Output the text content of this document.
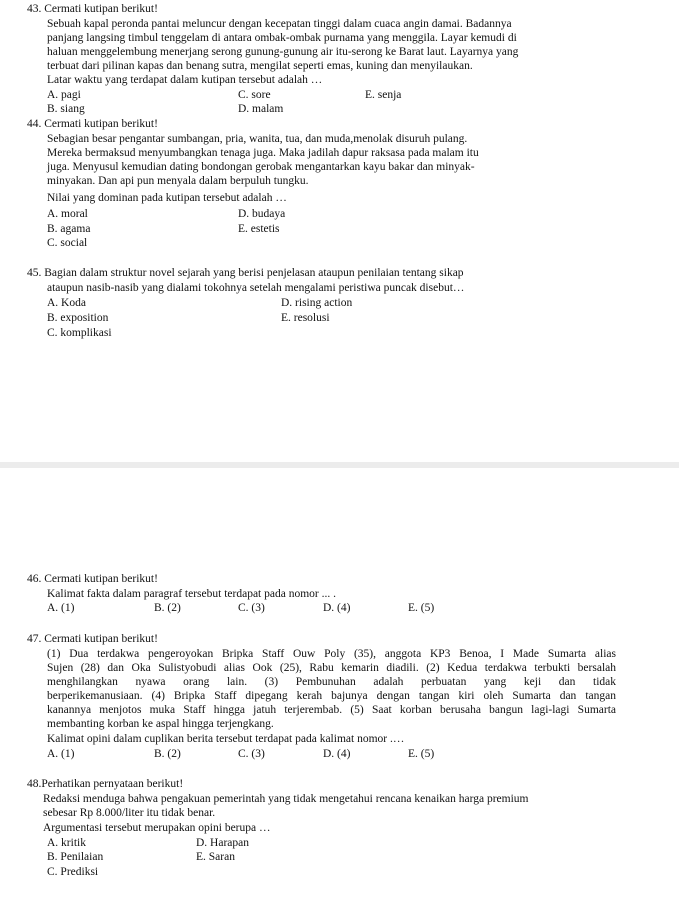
43. Cermati kutipan berikut!
Sebuah kapal peronda pantai meluncur dengan kecepatan tinggi dalam cuaca angin damai. Badannya
panjang langsing timbul tenggelam di antara ombak-ombak purnama yang menggila. Layar kemudi di
haluan menggelembung menerjang serong gunung-gunung air itu-serong ke Barat laut. Layarnya yang
terbuat dari pilinan kapas dan benang sutra, mengilat seperti emas, kuning dan menyilaukan.
Latar waktu yang terdapat dalam kutipan tersebut adalah …
A. pagi	C. sore	E. senja
B. siang	D. malam
44. Cermati kutipan berikut!
Sebagian besar pengantar sumbangan, pria, wanita, tua, dan muda,menolak disuruh pulang.
Mereka bermaksud menyumbangkan tenaga juga. Maka jadilah dapur raksasa pada malam itu
juga. Menyusul kemudian dating bondongan gerobak mengantarkan kayu bakar dan minyak-
minyakan. Dan api pun menyala dalam berpuluh tungku.
Nilai yang dominan pada kutipan tersebut adalah …
A. moral	D. budaya
B. agama	E. estetis
C. social
45. Bagian dalam struktur novel sejarah yang berisi penjelasan ataupun penilaian tentang sikap
ataupun nasib-nasib yang dialami tokohnya setelah mengalami peristiwa puncak disebut…
A. Koda	D. rising action
B. exposition	E. resolusi
C. komplikasi
46. Cermati kutipan berikut!
Kalimat fakta dalam paragraf tersebut terdapat pada nomor ... .
A. (1)	B. (2)	C. (3)	D. (4)	E. (5)
47. Cermati kutipan berikut!
(1) Dua terdakwa pengeroyokan Bripka Staff Ouw Poly (35), anggota KP3 Benoa, I Made Sumarta alias
Sujen (28) dan Oka Sulistyobudi alias Ook (25), Rabu kemarin diadili. (2) Kedua terdakwa terbukti bersalah
menghilangkan nyawa orang lain. (3) Pembunuhan adalah perbuatan yang keji dan tidak
berperikemanusiaan. (4) Bripka Staff dipegang kerah bajunya dengan tangan kiri oleh Sumarta dan tangan
kanannya menjotos muka Staff hingga jatuh terjerembab. (5) Saat korban berusaha bangun lagi-lagi Sumarta
membanting korban ke aspal hingga terjengkang.
Kalimat opini dalam cuplikan berita tersebut terdapat pada kalimat nomor .…
A. (1)	B. (2)	C. (3)	D. (4)	E. (5)
48.Perhatikan pernyataan berikut!
Redaksi menduga bahwa pengakuan pemerintah yang tidak mengetahui rencana kenaikan harga premium
sebesar Rp 8.000/liter itu tidak benar.
Argumentasi tersebut merupakan opini berupa …
A. kritik	D. Harapan
B. Penilaian	E. Saran
C. Prediksi
